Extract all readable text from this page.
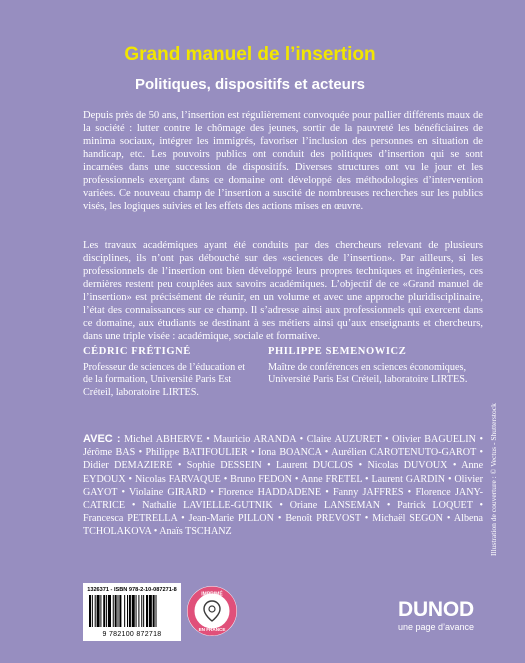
Grand manuel de l’insertion
Politiques, dispositifs et acteurs

Depuis près de 50 ans, l’insertion est régulièrement convoquée pour pallier différents maux de la société : lutter contre le chômage des jeunes, sortir de la pauvreté les bénéficiaires de minima sociaux, intégrer les immigrés, favoriser l’inclusion des personnes en situation de handicap, etc. Les pouvoirs publics ont conduit des politiques d’insertion qui se sont incarnées dans une succession de dispositifs. Diverses structures ont vu le jour et les professionnels exerçant dans ce domaine ont développé des méthodologies d’intervention variées. Ce nouveau champ de l’insertion a suscité de nombreuses recherches sur les publics visés, les logiques suivies et les effets des actions mises en œuvre.

Les travaux académiques ayant été conduits par des chercheurs relevant de plusieurs disciplines, ils n’ont pas débouché sur des «sciences de l’insertion». Par ailleurs, si les professionnels de l’insertion ont bien développé leurs propres techniques et ingénieries, ces dernières restent peu couplées aux savoirs académiques. L’objectif de ce «Grand manuel de l’insertion» est précisément de réunir, en un volume et avec une approche pluridisciplinaire, l’état des connaissances sur ce champ. Il s’adresse ainsi aux professionnels qui exercent dans ce domaine, aux étudiants se destinant à ses métiers ainsi qu’aux enseignants et chercheurs, dans une triple visée : académique, sociale et formative.

CÉDRIC FRÉTIGNÉ
Professeur de sciences de l’éducation et de la formation, Université Paris Est Créteil, laboratoire LIRTES.
PHILIPPE SEMENOWICZ
Maître de conférences en sciences économiques, Université Paris Est Créteil, laboratoire LIRTES.
AVEC : Michel ABHERVE • Mauricio ARANDA • Claire AUZURET • Olivier BAGUELIN • Jérôme BAS • Philippe BATIFOULIER • Iona BOANCA • Aurélien CAROTENUTO-GAROT • Didier DEMAZIERE • Sophie DESSEIN • Laurent DUCLOS • Nicolas DUVOUX • Anne EYDOUX • Nicolas FARVAQUE • Bruno FEDON • Anne FRETEL • Laurent GARDIN • Olivier GAYOT • Violaine GIRARD • Florence HADDADENE • Fanny JAFFRES • Florence JANY-CATRICE • Nathalie LAVIELLE-GUTNIK • Oriane LANSEMAN • Patrick LOQUET • Francesca PETRELLA • Jean-Marie PILLON • Benoît PREVOST • Michaël SEGON • Albena TCHOLAKOVA • Anaïs TSCHANZ	Illustration de couverture : © Vectus - Shutterstock
1326371 - ISBN 978-2-10-087271-8
9 782100 872718
IMPRIMÉ
EN FRANCE
DUNOD
une page d’avance
